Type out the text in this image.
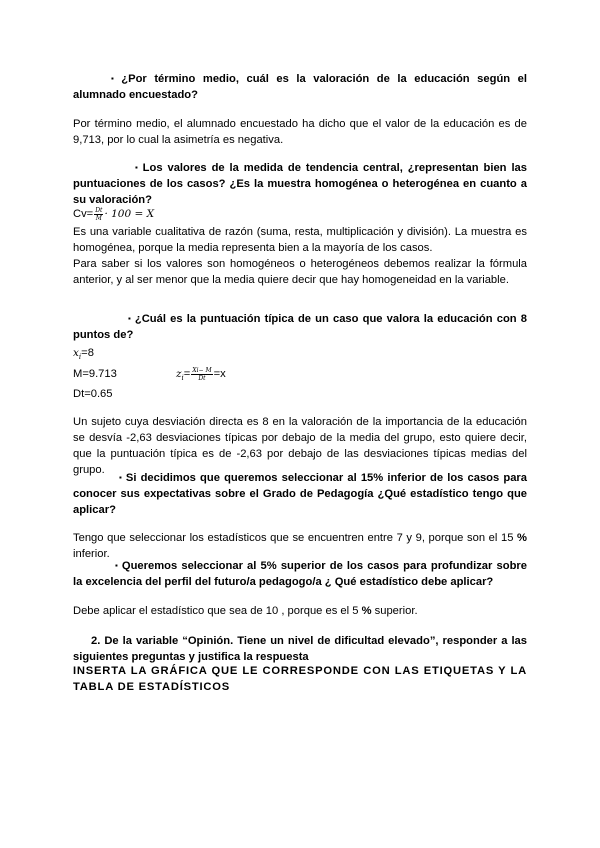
▪ ¿Por término medio, cuál es la valoración de la educación según el alumnado encuestado?
Por término medio, el alumnado encuestado ha dicho que el valor de la educación es de 9,713, por lo cual la asimetría es negativa.
▪ Los valores de la medida de tendencia central, ¿representan bien las puntuaciones de los casos? ¿Es la muestra homogénea o heterogénea en cuanto a su valoración?
$Cv= \frac{Dt}{M} \cdot 100 = X$
Es una variable cualitativa de razón (suma, resta, multiplicación y división). La muestra es homogénea, porque la media representa bien a la mayoría de los casos.
Para saber si los valores son homogéneos o heterogéneos debemos realizar la fórmula anterior, y al ser menor que la media quiere decir que hay homogeneidad en la variable.
▪ ¿Cuál es la puntuación típica de un caso que valora la educación con 8 puntos de?
$x_i=8$
M=9.713	$z_i= \frac{Xi- M}{Dt} =x$
Dt=0.65
Un sujeto cuya desviación directa es 8 en la valoración de la importancia de la educación se desvía -2,63 desviaciones típicas por debajo de la media del grupo, esto quiere decir, que la puntuación típica es de -2,63 por debajo de las desviaciones típicas medias del grupo.
▪ Si decidimos que queremos seleccionar al 15% inferior de los casos para conocer sus expectativas sobre el Grado de Pedagogía ¿Qué estadístico tengo que aplicar?
Tengo que seleccionar los estadísticos que se encuentren entre 7 y 9, porque son el 15 % inferior.
▪ Queremos seleccionar al 5% superior de los casos para profundizar sobre la excelencia del perfil del futuro/a pedagogo/a ¿ Qué estadístico debe aplicar?
Debe aplicar el estadístico que sea de 10 , porque es el 5 % superior.
2. De la variable “Opinión. Tiene un nivel de dificultad elevado”, responder a las siguientes preguntas y justifica la respuesta
INSERTA LA GRÁFICA QUE LE CORRESPONDE CON LAS ETIQUETAS Y LA TABLA DE ESTADÍSTICOS
